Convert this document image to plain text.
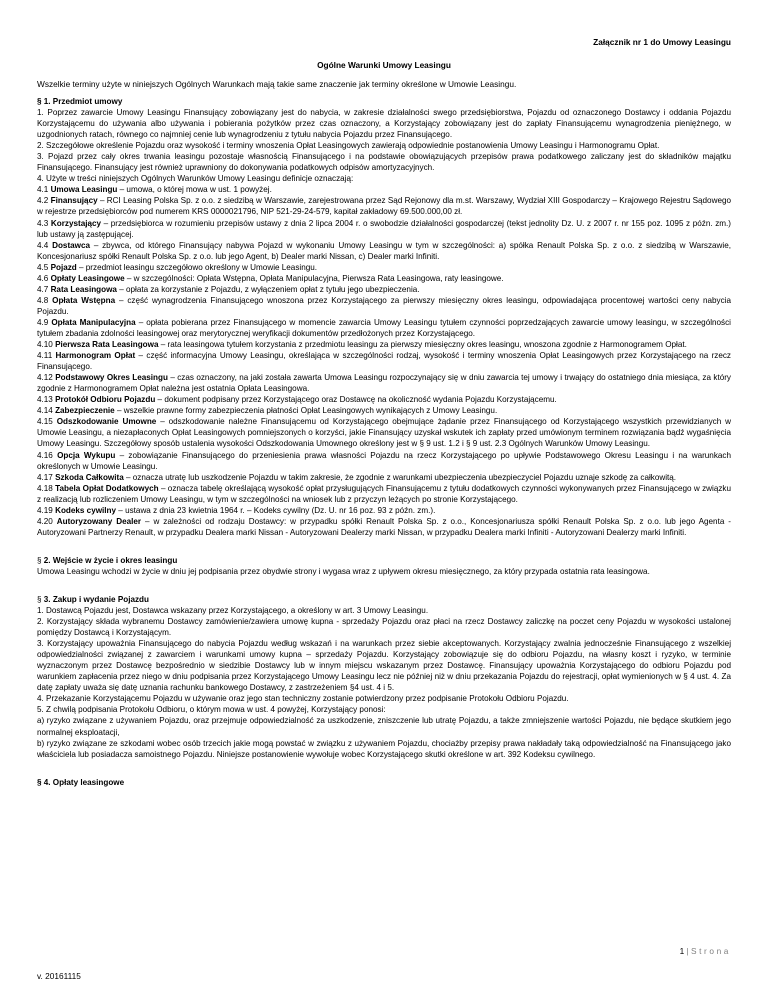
Załącznik nr 1 do Umowy Leasingu
Ogólne Warunki Umowy Leasingu
Wszelkie terminy użyte w niniejszych Ogólnych Warunkach mają takie same znaczenie jak terminy określone w Umowie Leasingu.
§ 1. Przedmiot umowy
1. Poprzez zawarcie Umowy Leasingu Finansujący zobowiązany jest do nabycia, w zakresie działalności swego przedsiębiorstwa, Pojazdu od oznaczonego Dostawcy i oddania Pojazdu Korzystającemu do używania albo używania i pobierania pożytków przez czas oznaczony, a Korzystający zobowiązany jest do zapłaty Finansującemu wynagrodzenia pieniężnego, w uzgodnionych ratach, równego co najmniej cenie lub wynagrodzeniu z tytułu nabycia Pojazdu przez Finansującego.
2. Szczegółowe określenie Pojazdu oraz wysokość i terminy wnoszenia Opłat Leasingowych zawierają odpowiednie postanowienia Umowy Leasingu i Harmonogramu Opłat.
3. Pojazd przez cały okres trwania leasingu pozostaje własnością Finansującego i na podstawie obowiązujących przepisów prawa podatkowego zaliczany jest do składników majątku Finansującego. Finansujący jest również uprawniony do dokonywania podatkowych odpisów amortyzacyjnych.
4. Użyte w treści niniejszych Ogólnych Warunków Umowy Leasingu definicje oznaczają:
4.1 Umowa Leasingu – umowa, o której mowa w ust. 1 powyżej.
4.2 Finansujący – RCI Leasing Polska Sp. z o.o. z siedzibą w Warszawie, zarejestrowana przez Sąd Rejonowy dla m.st. Warszawy, Wydział XIII Gospodarczy – Krajowego Rejestru Sądowego w rejestrze przedsiębiorców pod numerem KRS 0000021796, NIP 521-29-24-579, kapitał zakładowy 69.500.000,00 zł.
4.3 Korzystający – przedsiębiorca w rozumieniu przepisów ustawy z dnia 2 lipca 2004 r. o swobodzie działalności gospodarczej (tekst jednolity Dz. U. z 2007 r. nr 155 poz. 1095 z późn. zm.) lub ustawy ją zastępującej.
4.4 Dostawca – zbywca, od którego Finansujący nabywa Pojazd w wykonaniu Umowy Leasingu w tym w szczególności: a) spółka Renault Polska Sp. z o.o. z siedzibą w Warszawie, Koncesjonariusz spółki Renault Polska Sp. z o.o. lub jego Agent, b) Dealer marki Nissan, c) Dealer marki Infiniti.
4.5 Pojazd – przedmiot leasingu szczegółowo określony w Umowie Leasingu.
4.6 Opłaty Leasingowe – w szczególności: Opłata Wstępna, Opłata Manipulacyjna, Pierwsza Rata Leasingowa, raty leasingowe.
4.7 Rata Leasingowa – opłata za korzystanie z Pojazdu, z wyłączeniem opłat z tytułu jego ubezpieczenia.
4.8 Opłata Wstępna – część wynagrodzenia Finansującego wnoszona przez Korzystającego za pierwszy miesięczny okres leasingu, odpowiadająca procentowej wartości ceny nabycia Pojazdu.
4.9 Opłata Manipulacyjna – opłata pobierana przez Finansującego w momencie zawarcia Umowy Leasingu tytułem czynności poprzedzających zawarcie umowy leasingu, w szczególności tytułem zbadania zdolności leasingowej oraz merytorycznej weryfikacji dokumentów przedłożonych przez Korzystającego.
4.10 Pierwsza Rata Leasingowa – rata leasingowa tytułem korzystania z przedmiotu leasingu za pierwszy miesięczny okres leasingu, wnoszona zgodnie z Harmonogramem Opłat.
4.11 Harmonogram Opłat – część informacyjna Umowy Leasingu, określająca w szczególności rodzaj, wysokość i terminy wnoszenia Opłat Leasingowych przez Korzystającego na rzecz Finansującego.
4.12 Podstawowy Okres Leasingu – czas oznaczony, na jaki została zawarta Umowa Leasingu rozpoczynający się w dniu zawarcia tej umowy i trwający do ostatniego dnia miesiąca, za który zgodnie z Harmonogramem Opłat należna jest ostatnia Opłata Leasingowa.
4.13 Protokół Odbioru Pojazdu – dokument podpisany przez Korzystającego oraz Dostawcę na okoliczność wydania Pojazdu Korzystającemu.
4.14 Zabezpieczenie – wszelkie prawne formy zabezpieczenia płatności Opłat Leasingowych wynikających z Umowy Leasingu.
4.15 Odszkodowanie Umowne – odszkodowanie należne Finansującemu od Korzystającego obejmujące żądanie przez Finansującego od Korzystającego wszystkich przewidzianych w Umowie Leasingu, a niezapłaconych Opłat Leasingowych pomniejszonych o korzyści, jakie Finansujący uzyskał wskutek ich zapłaty przed umówionym terminem rozwiązania bądź wygaśnięcia Umowy Leasingu. Szczegółowy sposób ustalenia wysokości Odszkodowania Umownego określony jest w § 9 ust. 1.2 i § 9 ust. 2.3 Ogólnych Warunków Umowy Leasingu.
4.16 Opcja Wykupu – zobowiązanie Finansującego do przeniesienia prawa własności Pojazdu na rzecz Korzystającego po upływie Podstawowego Okresu Leasingu i na warunkach określonych w Umowie Leasingu.
4.17 Szkoda Całkowita – oznacza utratę lub uszkodzenie Pojazdu w takim zakresie, że zgodnie z warunkami ubezpieczenia ubezpieczyciel Pojazdu uznaje szkodę za całkowitą.
4.18 Tabela Opłat Dodatkowych – oznacza tabelę określającą wysokość opłat przysługujących Finansującemu z tytułu dodatkowych czynności wykonywanych przez Finansującego w związku z realizacją lub rozliczeniem Umowy Leasingu, w tym w szczególności na wniosek lub z przyczyn leżących po stronie Korzystającego.
4.19 Kodeks cywilny – ustawa z dnia 23 kwietnia 1964 r. – Kodeks cywilny (Dz. U. nr 16 poz. 93 z późn. zm.).
4.20 Autoryzowany Dealer – w zależności od rodzaju Dostawcy: w przypadku spółki Renault Polska Sp. z o.o., Koncesjonariusza spółki Renault Polska Sp. z o.o. lub jego Agenta - Autoryzowani Partnerzy Renault, w przypadku Dealera marki Nissan - Autoryzowani Dealerzy marki Nissan, w przypadku Dealera marki Infiniti - Autoryzowani Dealerzy marki Infiniti.
§ 2. Wejście w życie i okres leasingu
Umowa Leasingu wchodzi w życie w dniu jej podpisania przez obydwie strony i wygasa wraz z upływem okresu miesięcznego, za który przypada ostatnia rata leasingowa.
§ 3. Zakup i wydanie Pojazdu
1. Dostawcą Pojazdu jest, Dostawca wskazany przez Korzystającego, a określony w art. 3 Umowy Leasingu.
2. Korzystający składa wybranemu Dostawcy zamówienie/zawiera umowę kupna - sprzedaży Pojazdu oraz płaci na rzecz Dostawcy zaliczkę na poczet ceny Pojazdu w wysokości ustalonej pomiędzy Dostawcą i Korzystającym.
3. Korzystający upoważnia Finansującego do nabycia Pojazdu według wskazań i na warunkach przez siebie akceptowanych. Korzystający zwalnia jednocześnie Finansującego z wszelkiej odpowiedzialności związanej z zawarciem i warunkami umowy kupna – sprzedaży Pojazdu. Korzystający zobowiązuje się do odbioru Pojazdu, na własny koszt i ryzyko, w terminie wyznaczonym przez Dostawcę bezpośrednio w siedzibie Dostawcy lub w innym miejscu wskazanym przez Dostawcę. Finansujący upoważnia Korzystającego do odbioru Pojazdu pod warunkiem zapłacenia przez niego w dniu podpisania przez Korzystającego Umowy Leasingu lecz nie później niż w dniu przekazania Pojazdu do rejestracji, opłat wymienionych w § 4 ust. 4. Za datę zapłaty uważa się datę uznania rachunku bankowego Dostawcy, z zastrzeżeniem §4 ust. 4 i 5.
4. Przekazanie Korzystającemu Pojazdu w używanie oraz jego stan techniczny zostanie potwierdzony przez podpisanie Protokołu Odbioru Pojazdu.
5. Z chwilą podpisania Protokołu Odbioru, o którym mowa w ust. 4 powyżej, Korzystający ponosi:
a) ryzyko związane z używaniem Pojazdu, oraz przejmuje odpowiedzialność za uszkodzenie, zniszczenie lub utratę Pojazdu, a także zmniejszenie wartości Pojazdu, nie będące skutkiem jego normalnej eksploatacji,
b) ryzyko związane ze szkodami wobec osób trzecich jakie mogą powstać w związku z używaniem Pojazdu, chociażby przepisy prawa nakładały taką odpowiedzialność na Finansującego jako właściciela lub posiadacza samoistnego Pojazdu. Niniejsze postanowienie wywołuje wobec Korzystającego skutki określone w art. 392 Kodeksu cywilnego.
§ 4. Opłaty leasingowe
1 | Strona
v. 20161115
